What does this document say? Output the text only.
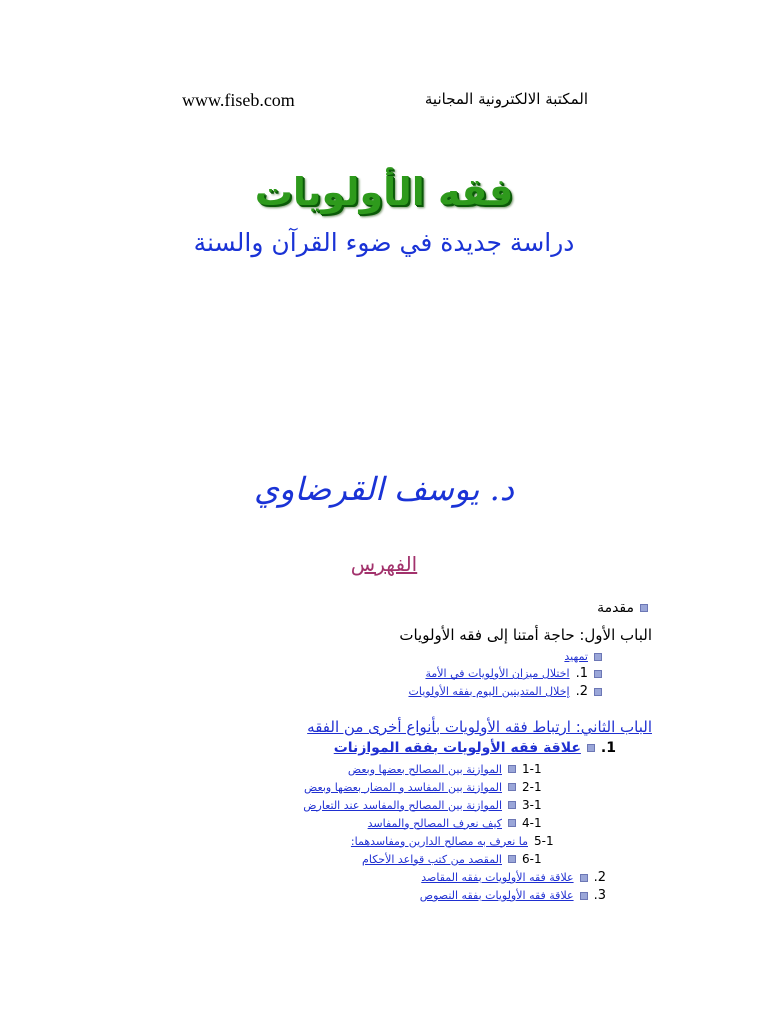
www.fiseb.com	المكتبة الالكترونية المجانية
فقه الأولويات
دراسة جديدة في ضوء القرآن والسنة
د. يوسف القرضاوي
الفهرس
مقدمة
الباب الأول: حاجة أمتنا إلى فقه الأولويات
تمهيد
1.
اختلال ميزان الأولويات في الأمة
2.
إخلال المتدينين اليوم بفقه الأولويات
الباب الثاني: ارتباط فقه الأولويات بأنواع أخرى من الفقه
1.
علاقة فقه الأولويات بفقه الموازنات
1-1
الموازنة بين المصالح بعضها وبعض
2-1
الموازنة بين المفاسد و المضار بعضها وبعض
3-1
الموازنة بين المصالح والمفاسد عند التعارض
4-1
كيف نعرف المصالح والمفاسد
5-1
ما نعرف به مصالح الدارين ومفاسدهما:
6-1
المقصد من كتب قواعد الأحكام
2.
علاقة فقه الأولويات بفقه المقاصد
3.
علاقة فقه الأولويات بفقه النصوص
